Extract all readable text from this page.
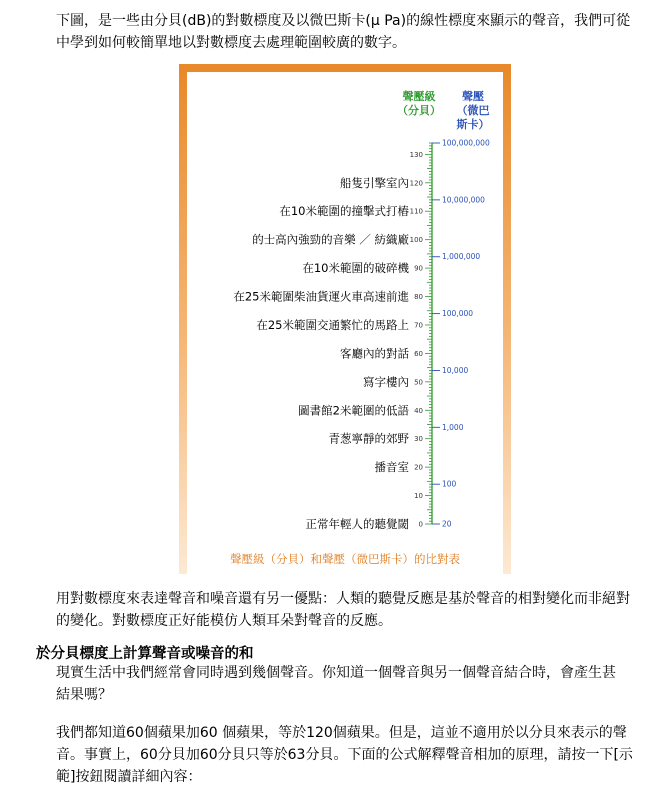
下圖，是一些由分貝(dB)的對數標度及以微巴斯卡(μ Pa)的線性標度來顯示的聲音，我們可從中學到如何較簡單地以對數標度去處理範圍較廣的數字。

聲壓級
（分貝）
聲壓
（微巴
斯卡）
0
10
20
30
40
50
60
70
80
90
100
110
120
130
20
100
1,000
10,000
100,000
1,000,000
10,000,000
100,000,000
船隻引擎室內
在10米範圍的撞擊式打樁
的士高內強勁的音樂 ／ 紡織廠
在10米範圍的破碎機
在25米範圍柴油貨運火車高速前進
在25米範圍交通繁忙的馬路上
客廳內的對話
寫字樓內
圖書館2米範圍的低語
青葱寧靜的郊野
播音室
正常年輕人的聽覺閾
聲壓級（分貝）和聲壓（微巴斯卡）的比對表

用對數標度來表達聲音和噪音還有另一優點：人類的聽覺反應是基於聲音的相對變化而非絕對的變化。對數標度正好能模仿人類耳朵對聲音的反應。

於分貝標度上計算聲音或噪音的和

現實生活中我們經常會同時遇到幾個聲音。你知道一個聲音與另一個聲音結合時，會產生甚　結果嗎？

我們都知道60個蘋果加60 個蘋果，等於120個蘋果。但是，這並不適用於以分貝來表示的聲音。事實上，60分貝加60分貝只等於63分貝。下面的公式解釋聲音相加的原理，請按一下[示範]按鈕閱讀詳細內容：
